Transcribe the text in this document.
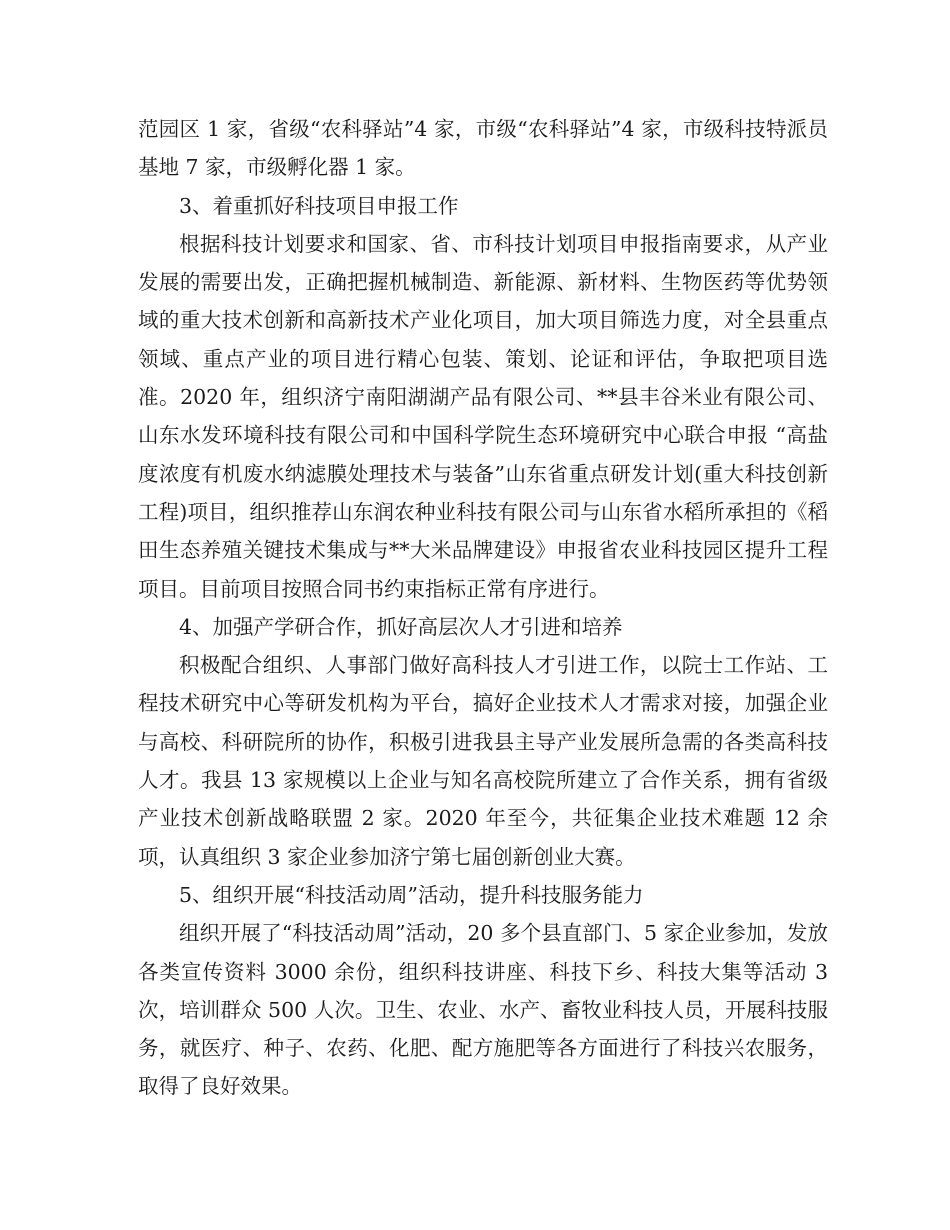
范园区 1 家，省级“农科驿站”4 家，市级“农科驿站”4 家，市级科技特派员基地 7 家，市级孵化器 1 家。

3、着重抓好科技项目申报工作

根据科技计划要求和国家、省、市科技计划项目申报指南要求，从产业发展的需要出发，正确把握机械制造、新能源、新材料、生物医药等优势领域的重大技术创新和高新技术产业化项目，加大项目筛选力度，对全县重点领域、重点产业的项目进行精心包装、策划、论证和评估，争取把项目选准。2020 年，组织济宁南阳湖湖产品有限公司、**县丰谷米业有限公司、山东水发环境科技有限公司和中国科学院生态环境研究中心联合申报 “高盐度浓度有机废水纳滤膜处理技术与装备”山东省重点研发计划(重大科技创新工程)项目，组织推荐山东润农种业科技有限公司与山东省水稻所承担的《稻田生态养殖关键技术集成与**大米品牌建设》申报省农业科技园区提升工程项目。目前项目按照合同书约束指标正常有序进行。

4、加强产学研合作，抓好高层次人才引进和培养

积极配合组织、人事部门做好高科技人才引进工作，以院士工作站、工程技术研究中心等研发机构为平台，搞好企业技术人才需求对接，加强企业与高校、科研院所的协作，积极引进我县主导产业发展所急需的各类高科技人才。我县 13 家规模以上企业与知名高校院所建立了合作关系，拥有省级产业技术创新战略联盟 2 家。2020 年至今，共征集企业技术难题 12 余项，认真组织 3 家企业参加济宁第七届创新创业大赛。

5、组织开展“科技活动周”活动，提升科技服务能力

组织开展了“科技活动周”活动，20 多个县直部门、5 家企业参加，发放各类宣传资料 3000 余份，组织科技讲座、科技下乡、科技大集等活动 3 次，培训群众 500 人次。卫生、农业、水产、畜牧业科技人员，开展科技服务，就医疗、种子、农药、化肥、配方施肥等各方面进行了科技兴农服务，取得了良好效果。
